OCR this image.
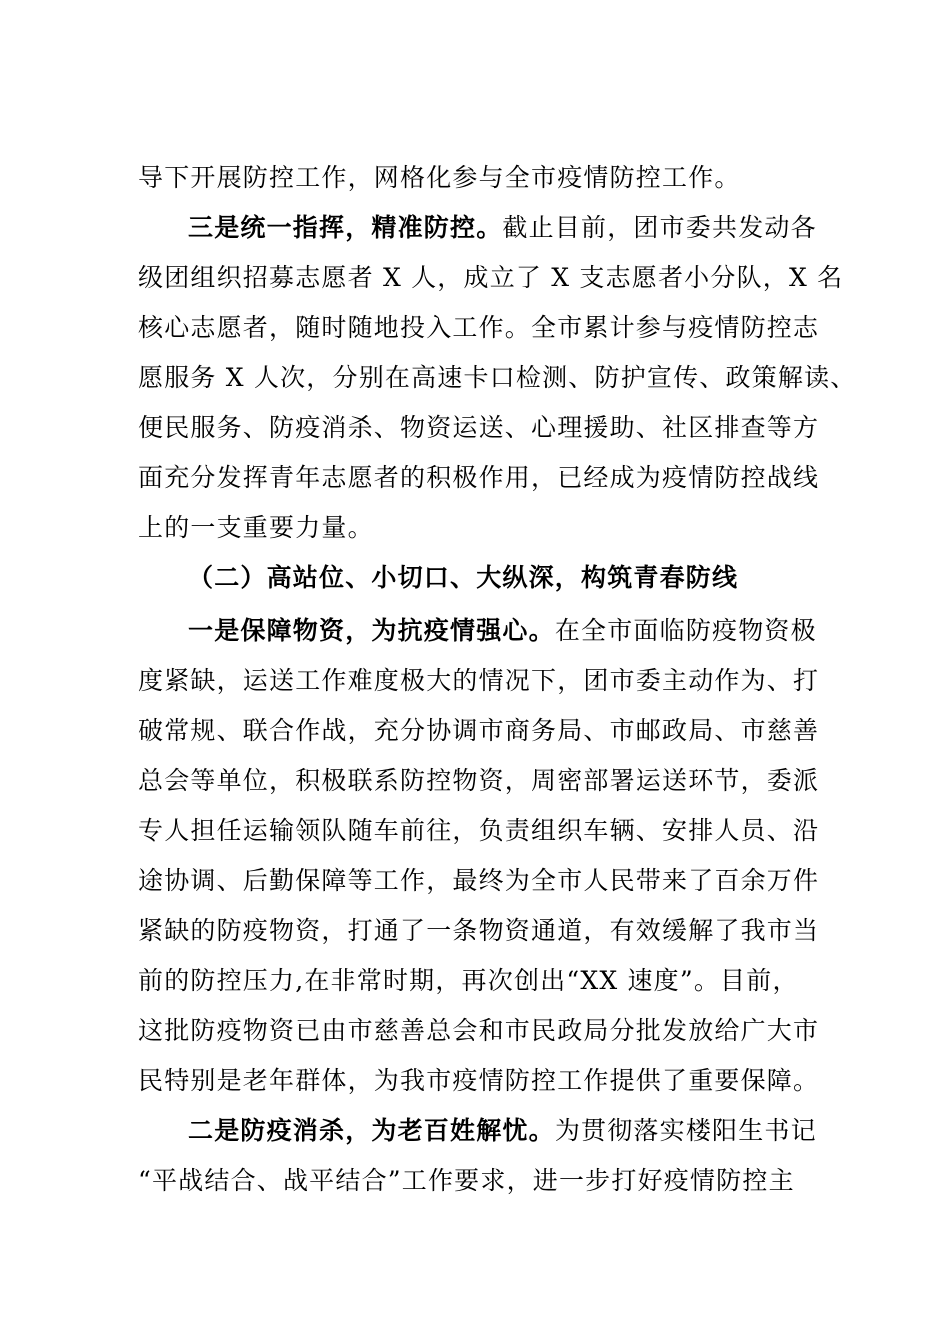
导下开展防控工作，网格化参与全市疫情防控工作。
三是统一指挥，精准防控。截止目前，团市委共发动各
级团组织招募志愿者 X 人，成立了 X 支志愿者小分队，X 名
核心志愿者，随时随地投入工作。全市累计参与疫情防控志
愿服务 X 人次，分别在高速卡口检测、防护宣传、政策解读、
便民服务、防疫消杀、物资运送、心理援助、社区排查等方
面充分发挥青年志愿者的积极作用，已经成为疫情防控战线
上的一支重要力量。
（二）高站位、小切口、大纵深，构筑青春防线
一是保障物资，为抗疫情强心。在全市面临防疫物资极
度紧缺，运送工作难度极大的情况下，团市委主动作为、打
破常规、联合作战，充分协调市商务局、市邮政局、市慈善
总会等单位，积极联系防控物资，周密部署运送环节，委派
专人担任运输领队随车前往，负责组织车辆、安排人员、沿
途协调、后勤保障等工作，最终为全市人民带来了百余万件
紧缺的防疫物资，打通了一条物资通道，有效缓解了我市当
前的防控压力,在非常时期，再次创出“XX 速度”。目前，
这批防疫物资已由市慈善总会和市民政局分批发放给广大市
民特别是老年群体，为我市疫情防控工作提供了重要保障。
二是防疫消杀，为老百姓解忧。为贯彻落实楼阳生书记
“平战结合、战平结合”工作要求，进一步打好疫情防控主
